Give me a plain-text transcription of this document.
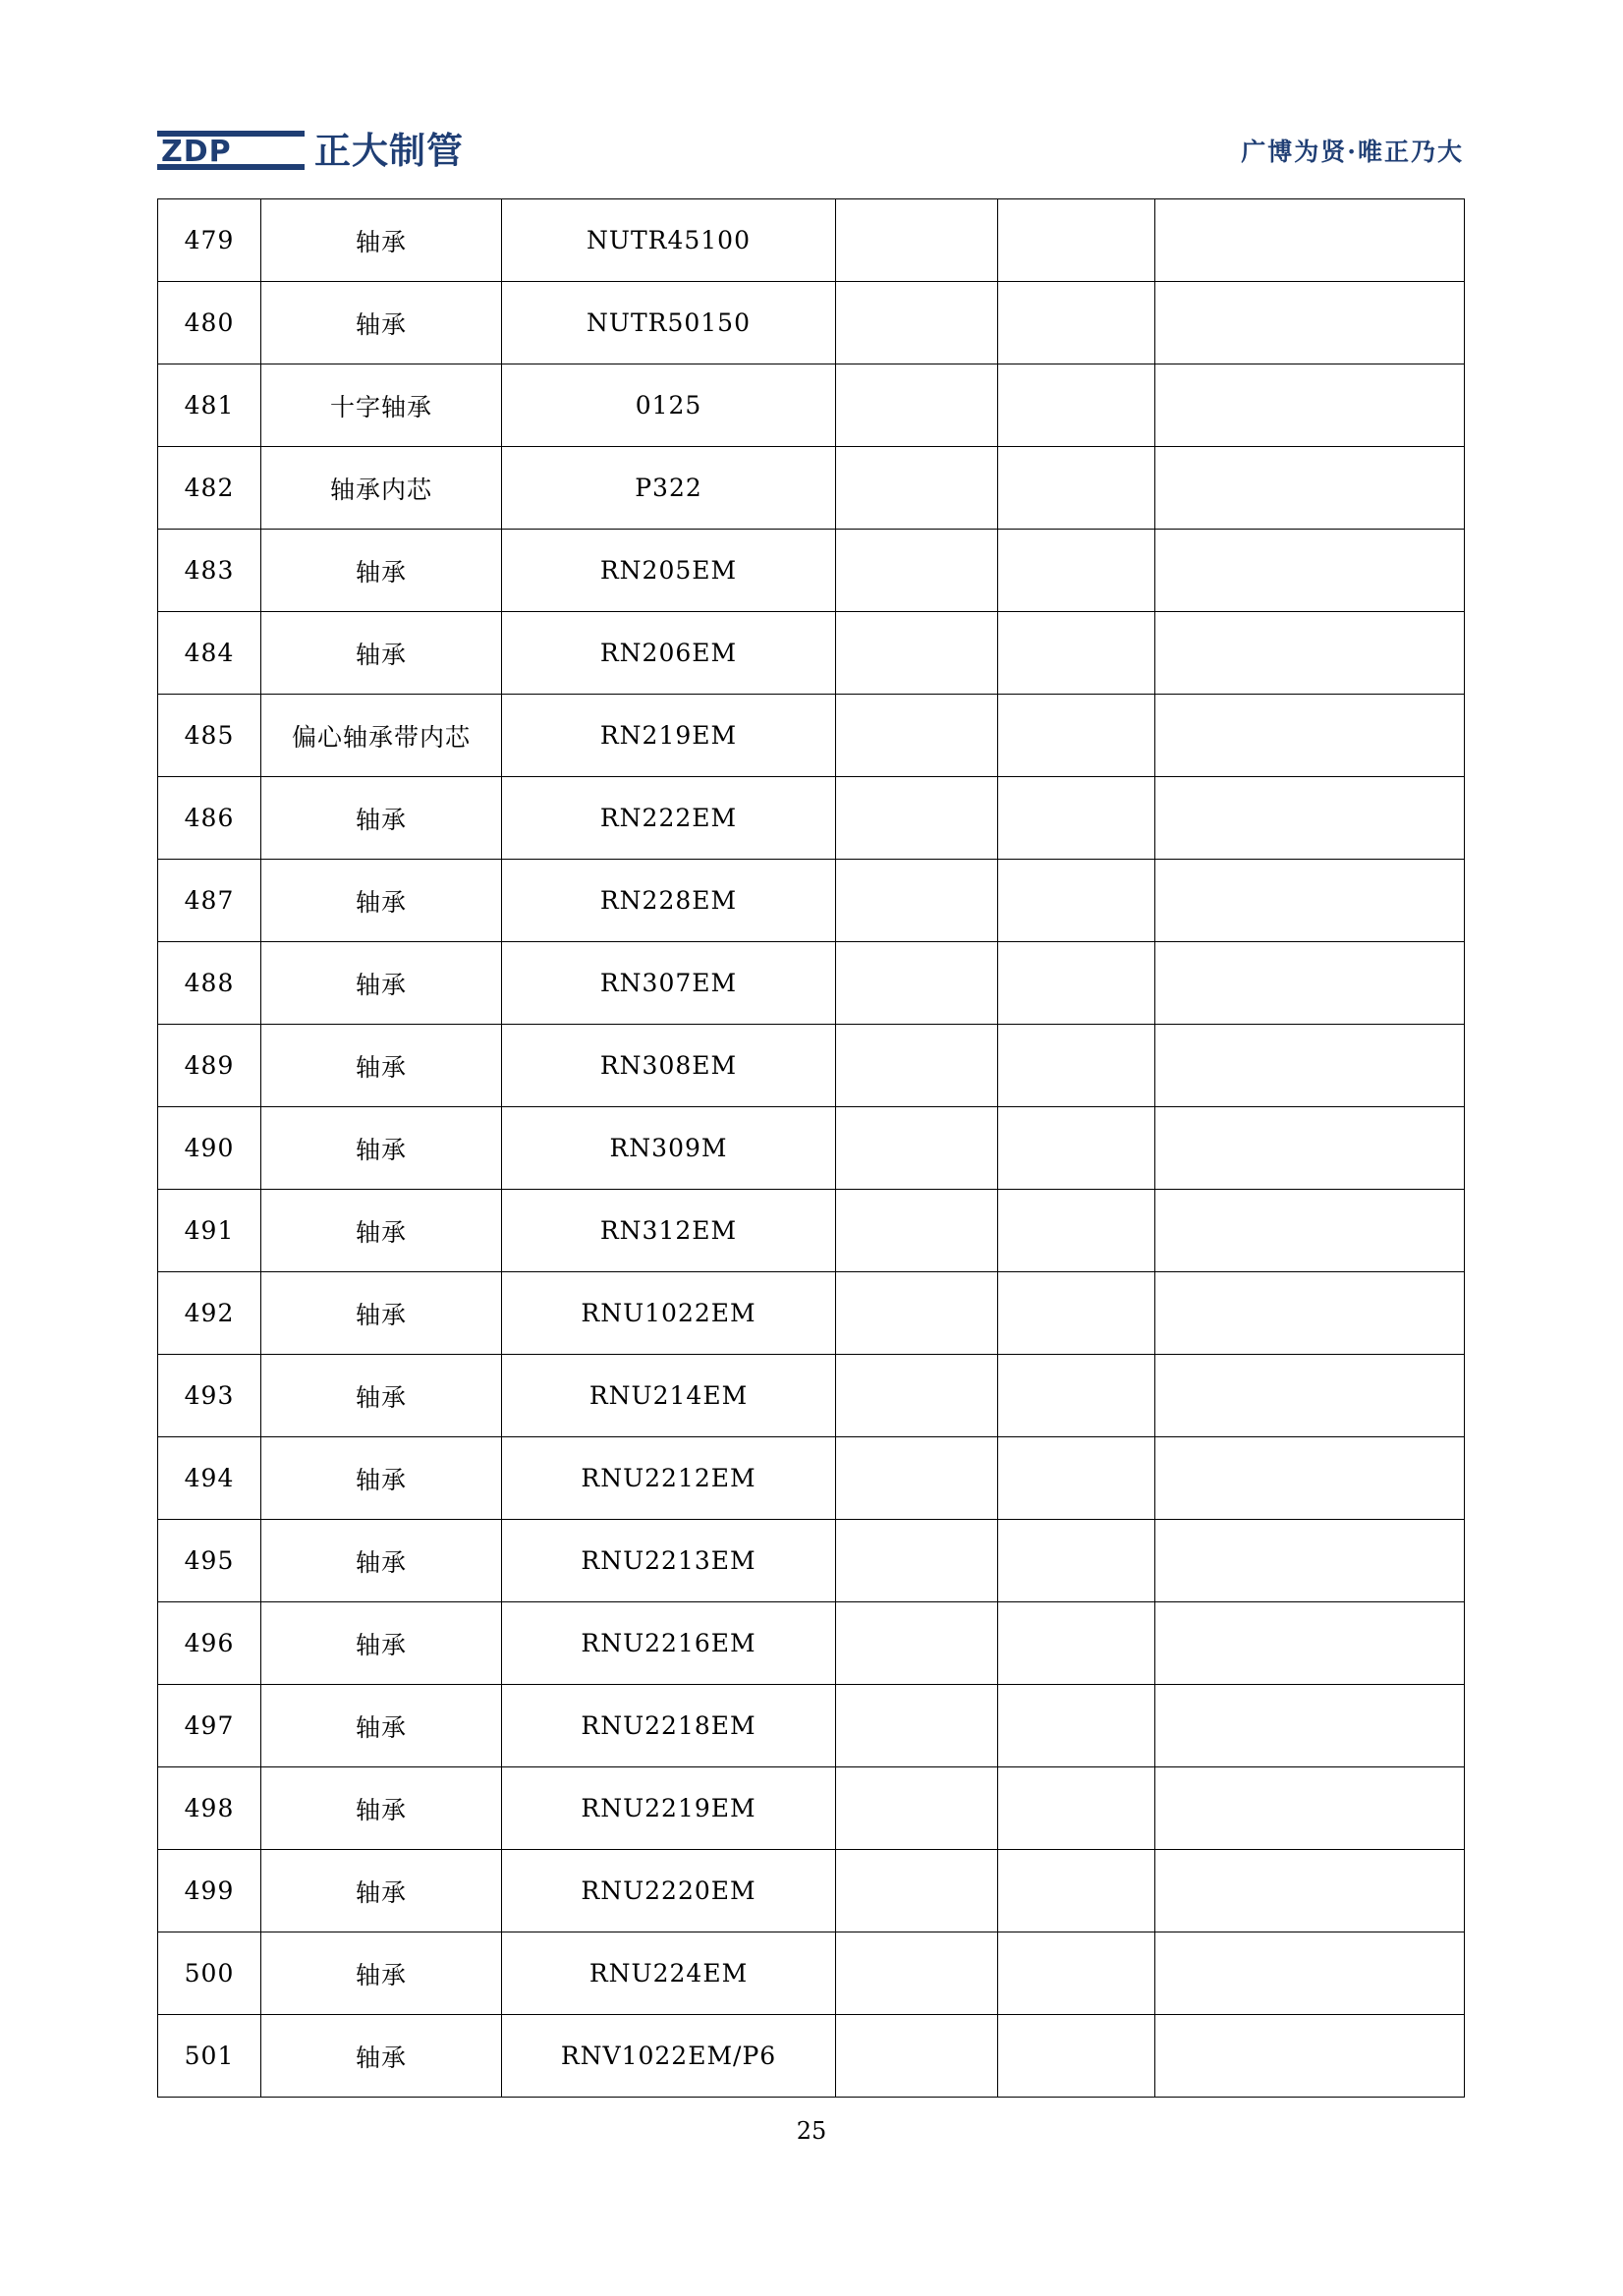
ZDP 正大制管	广博为贤·唯正乃大
479	轴承	NUTR45100			
480	轴承	NUTR50150			
481	十字轴承	0125			
482	轴承内芯	P322			
483	轴承	RN205EM			
484	轴承	RN206EM			
485	偏心轴承带内芯	RN219EM			
486	轴承	RN222EM			
487	轴承	RN228EM			
488	轴承	RN307EM			
489	轴承	RN308EM			
490	轴承	RN309M			
491	轴承	RN312EM			
492	轴承	RNU1022EM			
493	轴承	RNU214EM			
494	轴承	RNU2212EM			
495	轴承	RNU2213EM			
496	轴承	RNU2216EM			
497	轴承	RNU2218EM			
498	轴承	RNU2219EM			
499	轴承	RNU2220EM			
500	轴承	RNU224EM			
501	轴承	RNV1022EM/P6			
25
